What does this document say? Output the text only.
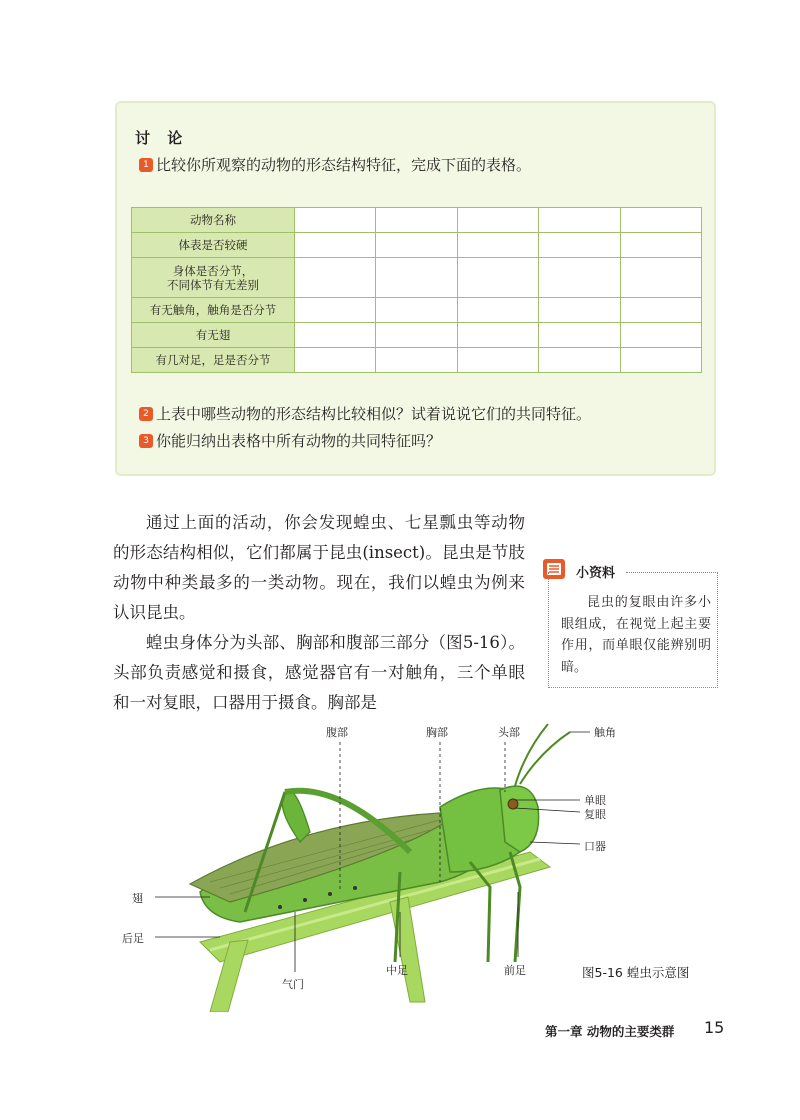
讨 论
1 比较你所观察的动物的形态结构特征，完成下面的表格。
动物名称					
体表是否较硬					
身体是否分节，
不同体节有无差别					
有无触角，触角是否分节					
有无翅					
有几对足，足是否分节					
2 上表中哪些动物的形态结构比较相似？试着说说它们的共同特征。
3 你能归纳出表格中所有动物的共同特征吗？

通过上面的活动，你会发现蝗虫、七星瓢虫等动物的形态结构相似，它们都属于昆虫(insect)。昆虫是节肢动物中种类最多的一类动物。现在，我们以蝗虫为例来认识昆虫。

蝗虫身体分为头部、胸部和腹部三部分（图5-16）。头部负责感觉和摄食，感觉器官有一对触角，三个单眼和一对复眼，口器用于摄食。胸部是

小资料
昆虫的复眼由许多小眼组成，在视觉上起主要作用，而单眼仅能辨别明暗。
腹部	胸部	头部	触角
单眼
复眼
口器
翅
后足
气门
中足	前足	图5-16 蝗虫示意图
第一章 动物的主要类群 15
